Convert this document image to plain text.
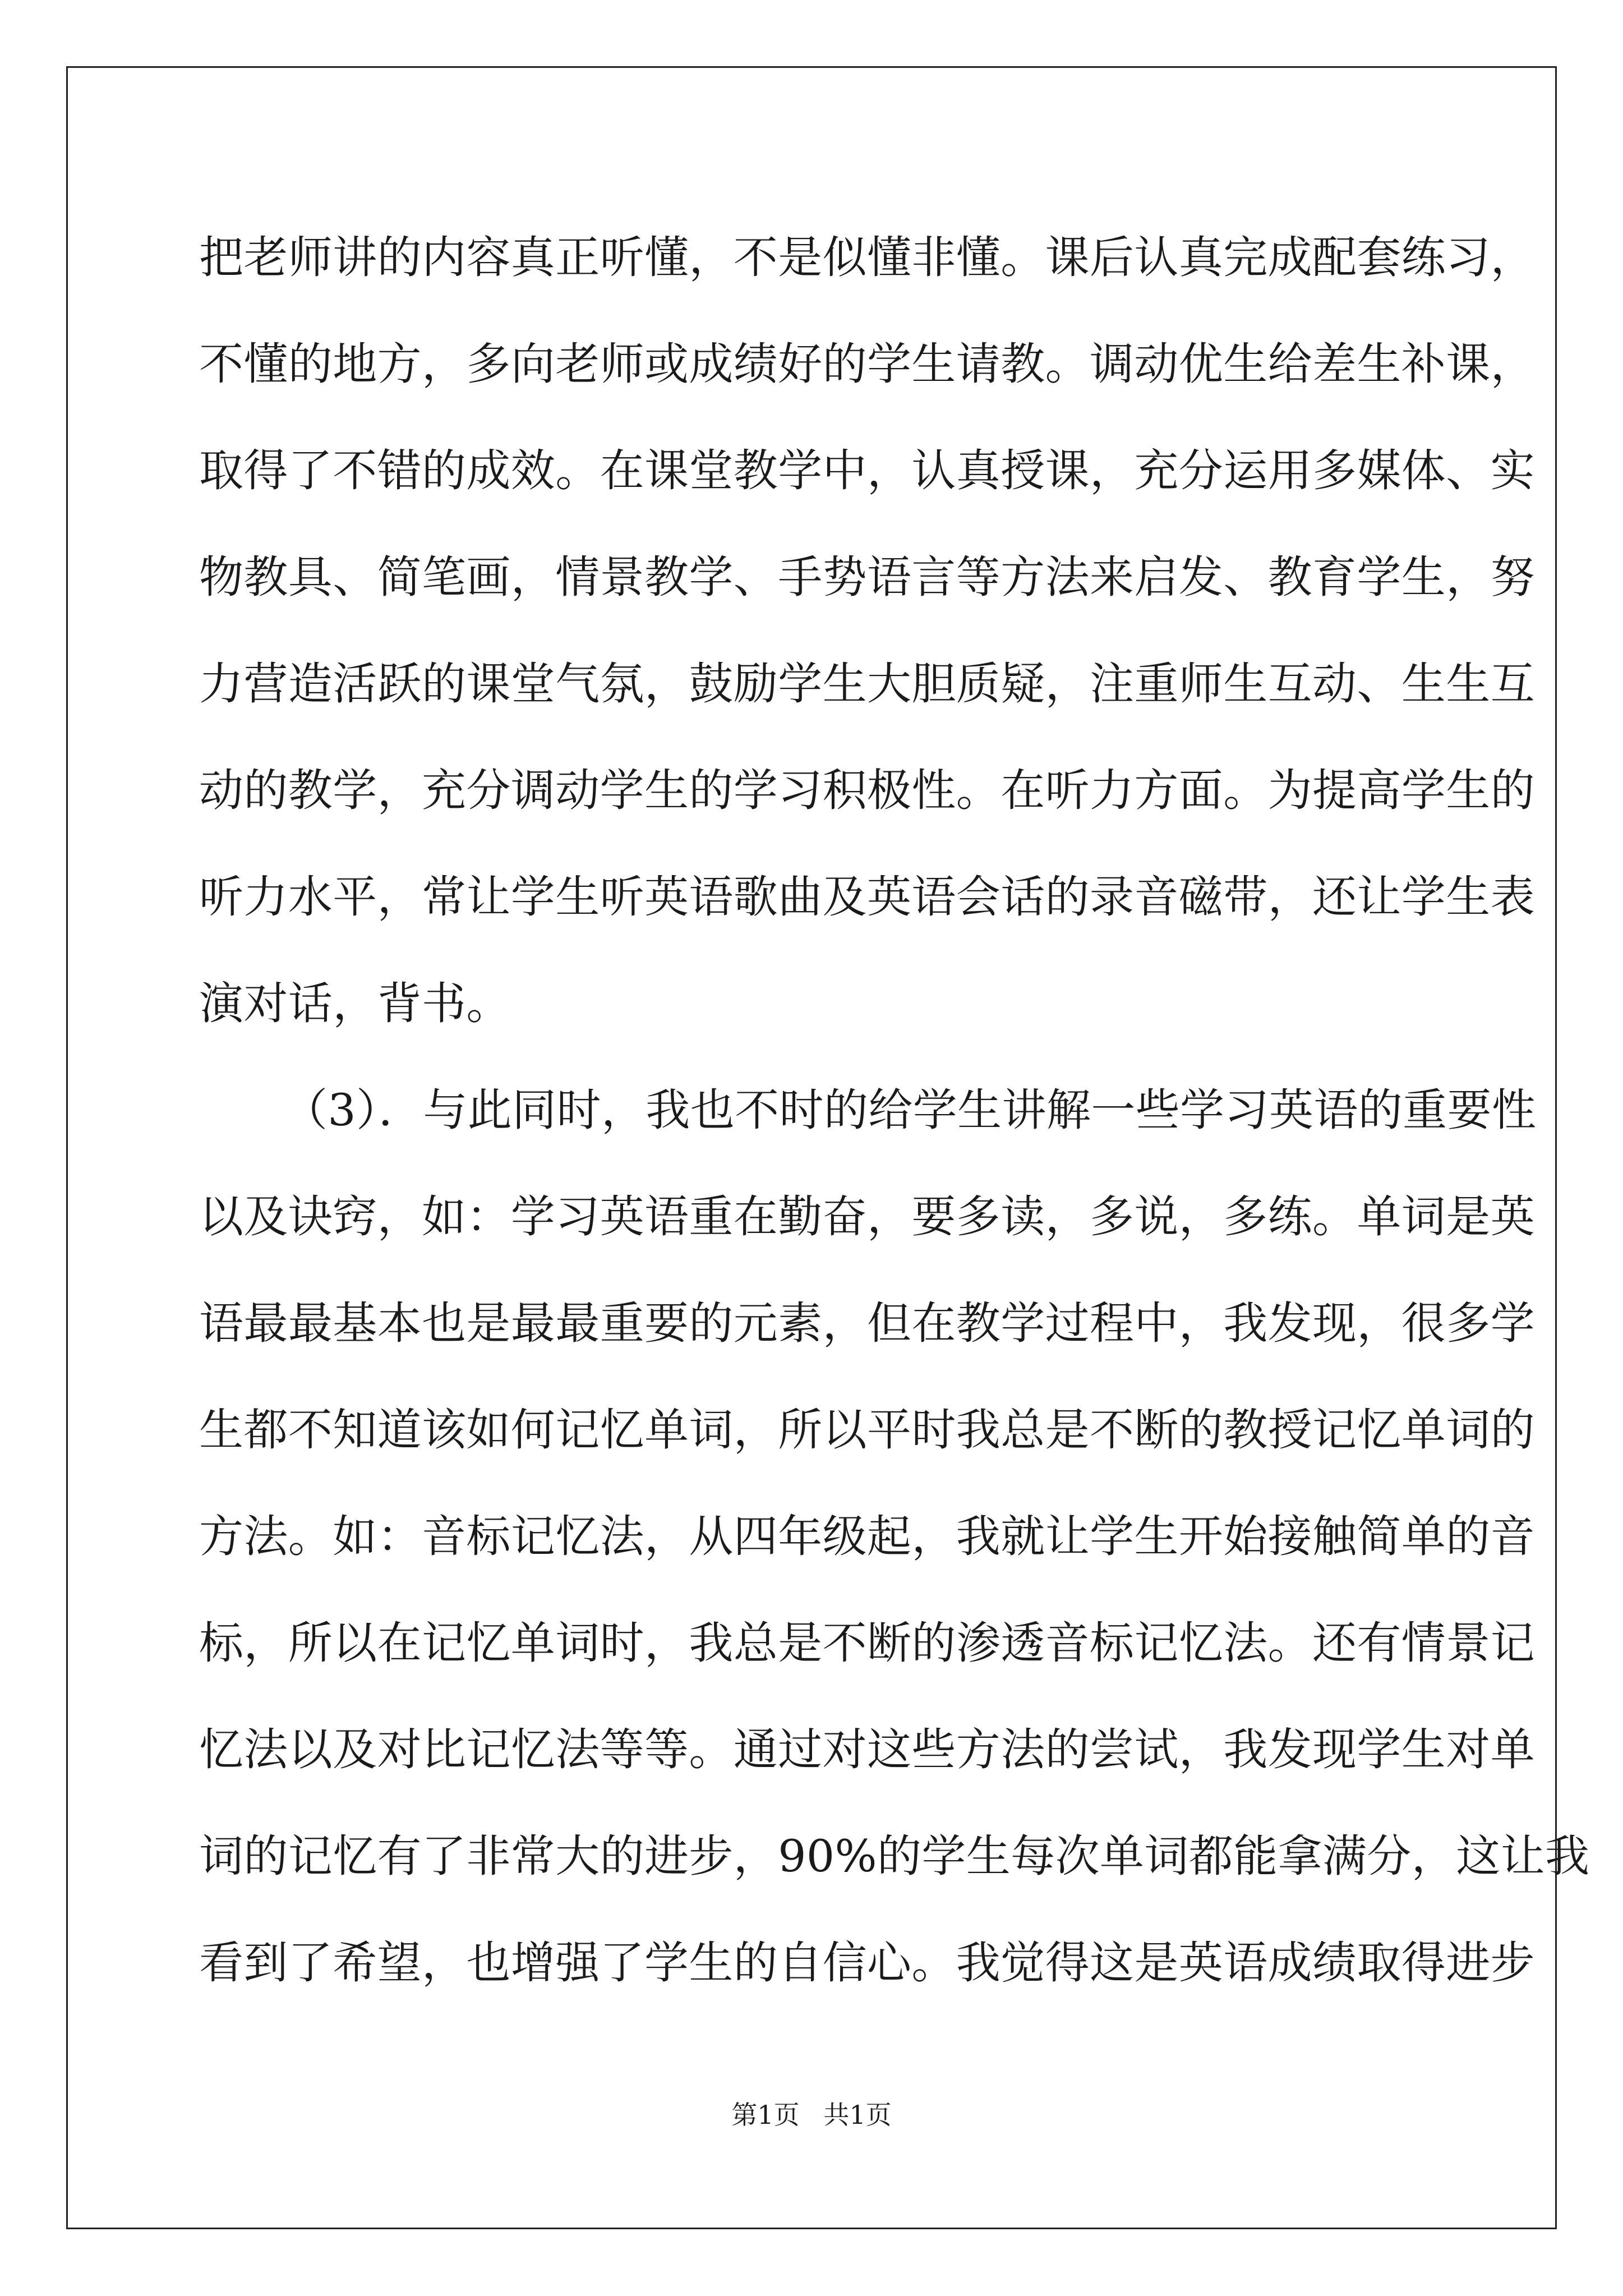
把老师讲的内容真正听懂，不是似懂非懂。课后认真完成配套练习，
不懂的地方，多向老师或成绩好的学生请教。调动优生给差生补课，
取得了不错的成效。在课堂教学中，认真授课，充分运用多媒体、实
物教具、简笔画，情景教学、手势语言等方法来启发、教育学生，努
力营造活跃的课堂气氛，鼓励学生大胆质疑，注重师生互动、生生互
动的教学，充分调动学生的学习积极性。在听力方面。为提高学生的
听力水平，常让学生听英语歌曲及英语会话的录音磁带，还让学生表
演对话，背书。
（3）．与此同时，我也不时的给学生讲解一些学习英语的重要性
以及诀窍，如：学习英语重在勤奋，要多读，多说，多练。单词是英
语最最基本也是最最重要的元素，但在教学过程中，我发现，很多学
生都不知道该如何记忆单词，所以平时我总是不断的教授记忆单词的
方法。如：音标记忆法，从四年级起，我就让学生开始接触简单的音
标，所以在记忆单词时，我总是不断的渗透音标记忆法。还有情景记
忆法以及对比记忆法等等。通过对这些方法的尝试，我发现学生对单
词的记忆有了非常大的进步，90%的学生每次单词都能拿满分，这让我
看到了希望，也增强了学生的自信心。我觉得这是英语成绩取得进步
第1页 共1页
